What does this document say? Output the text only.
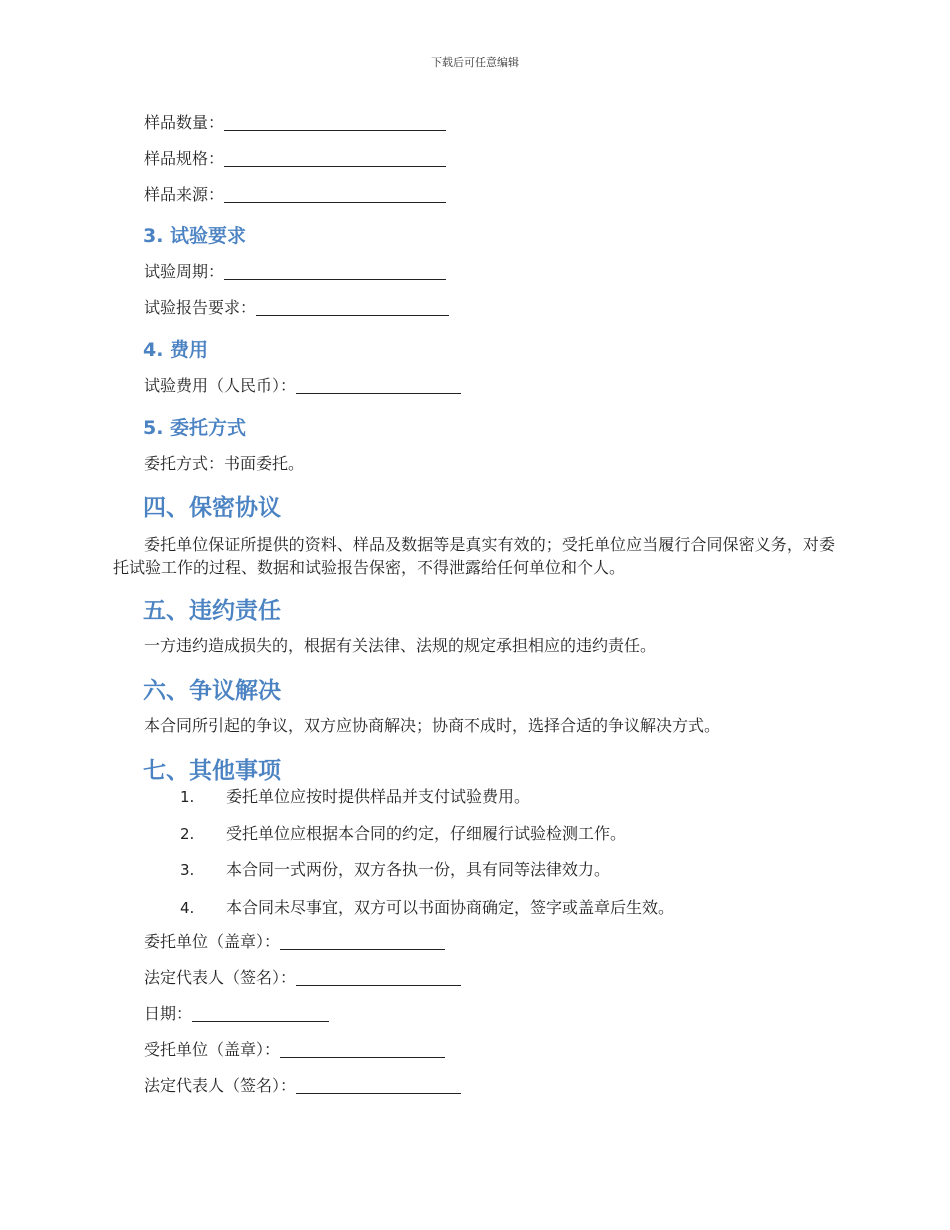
下载后可任意编辑
样品数量：
样品规格：
样品来源：
3. 试验要求
试验周期：
试验报告要求：
4. 费用
试验费用（人民币）：
5. 委托方式
委托方式：书面委托。
四、保密协议
委托单位保证所提供的资料、样品及数据等是真实有效的；受托单位应当履行合同保密义务，对委托试验工作的过程、数据和试验报告保密，不得泄露给任何单位和个人。
五、违约责任
一方违约造成损失的，根据有关法律、法规的规定承担相应的违约责任。
六、争议解决
本合同所引起的争议，双方应协商解决；协商不成时，选择合适的争议解决方式。
七、其他事项
1. 委托单位应按时提供样品并支付试验费用。
2. 受托单位应根据本合同的约定，仔细履行试验检测工作。
3. 本合同一式两份，双方各执一份，具有同等法律效力。
4. 本合同未尽事宜，双方可以书面协商确定，签字或盖章后生效。
委托单位（盖章）：
法定代表人（签名）：
日期：
受托单位（盖章）：
法定代表人（签名）：
